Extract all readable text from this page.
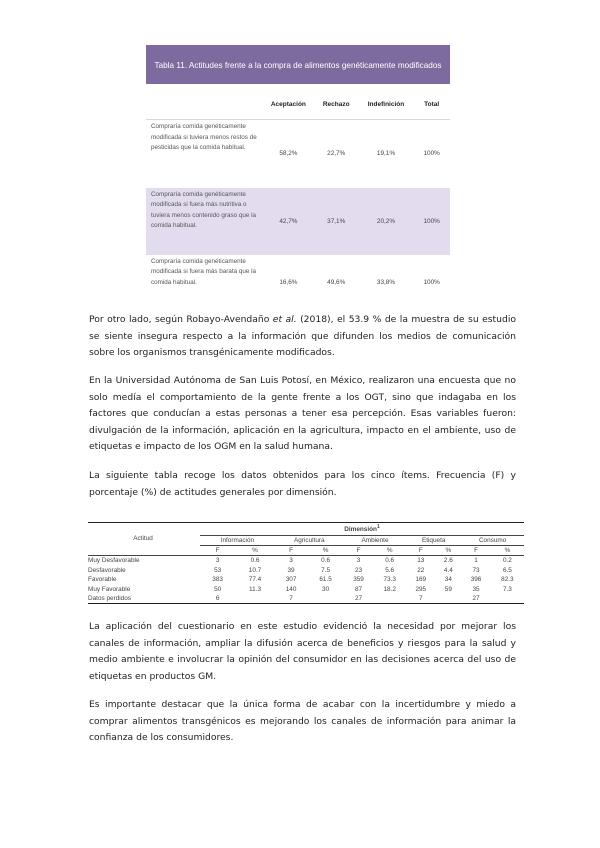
Tabla 11. Actitudes frente a la compra de alimentos genéticamente modificados				
	Aceptación	Rechazo	Indefinición	Total
Compraría comida genéticamente modificada si tuviera menos restos de pesticidas que la comida habitual.	58,2%	22,7%	19,1%	100%
Compraría comida genéticamente modificada si fuera más nutritiva o tuviera menos contenido graso que la comida habitual.	42,7%	37,1%	20,2%	100%
Compraría comida genéticamente modificada si fuera más barata que la comida habitual.	16,6%	49,6%	33,8%	100%

Por otro lado, según Robayo-Avendaño et al. (2018), el 53.9 % de la muestra de su estudio se siente insegura respecto a la información que difunden los medios de comunicación sobre los organismos transgénicamente modificados.

En la Universidad Autónoma de San Luis Potosí, en México, realizaron una encuesta que no solo medía el comportamiento de la gente frente a los OGT, sino que indagaba en los factores que conducían a estas personas a tener esa percepción. Esas variables fueron: divulgación de la información, aplicación en la agricultura, impacto en el ambiente, uso de etiquetas e impacto de los OGM en la salud humana.

La siguiente tabla recoge los datos obtenidos para los cinco ítems. Frecuencia (F) y porcentaje (%) de actitudes generales por dimensión.

Actitud	Dimensión$^1$
	Información		Agricultura		Ambiente		Etiqueta		Consumo	
	F	%	F	%	F	%	F	%	F	%
Muy Desfavorable	3	0.6	3	0.6	3	0.6	13	2.6	1	0.2
Desfavorable	53	10.7	39	7.5	23	5.6	22	4.4	73	6.5
Favorable	383	77.4	307	61.5	359	73.3	169	34	396	82.3
Muy Favorable	50	11.3	140	30	87	18.2	295	59	35	7.3
Datos perdidos	6		7		27		7		27	

La aplicación del cuestionario en este estudio evidenció la necesidad por mejorar los canales de información, ampliar la difusión acerca de beneficios y riesgos para la salud y medio ambiente e involucrar la opinión del consumidor en las decisiones acerca del uso de etiquetas en productos GM.

Es importante destacar que la única forma de acabar con la incertidumbre y miedo a comprar alimentos transgénicos es mejorando los canales de información para animar la confianza de los consumidores.
